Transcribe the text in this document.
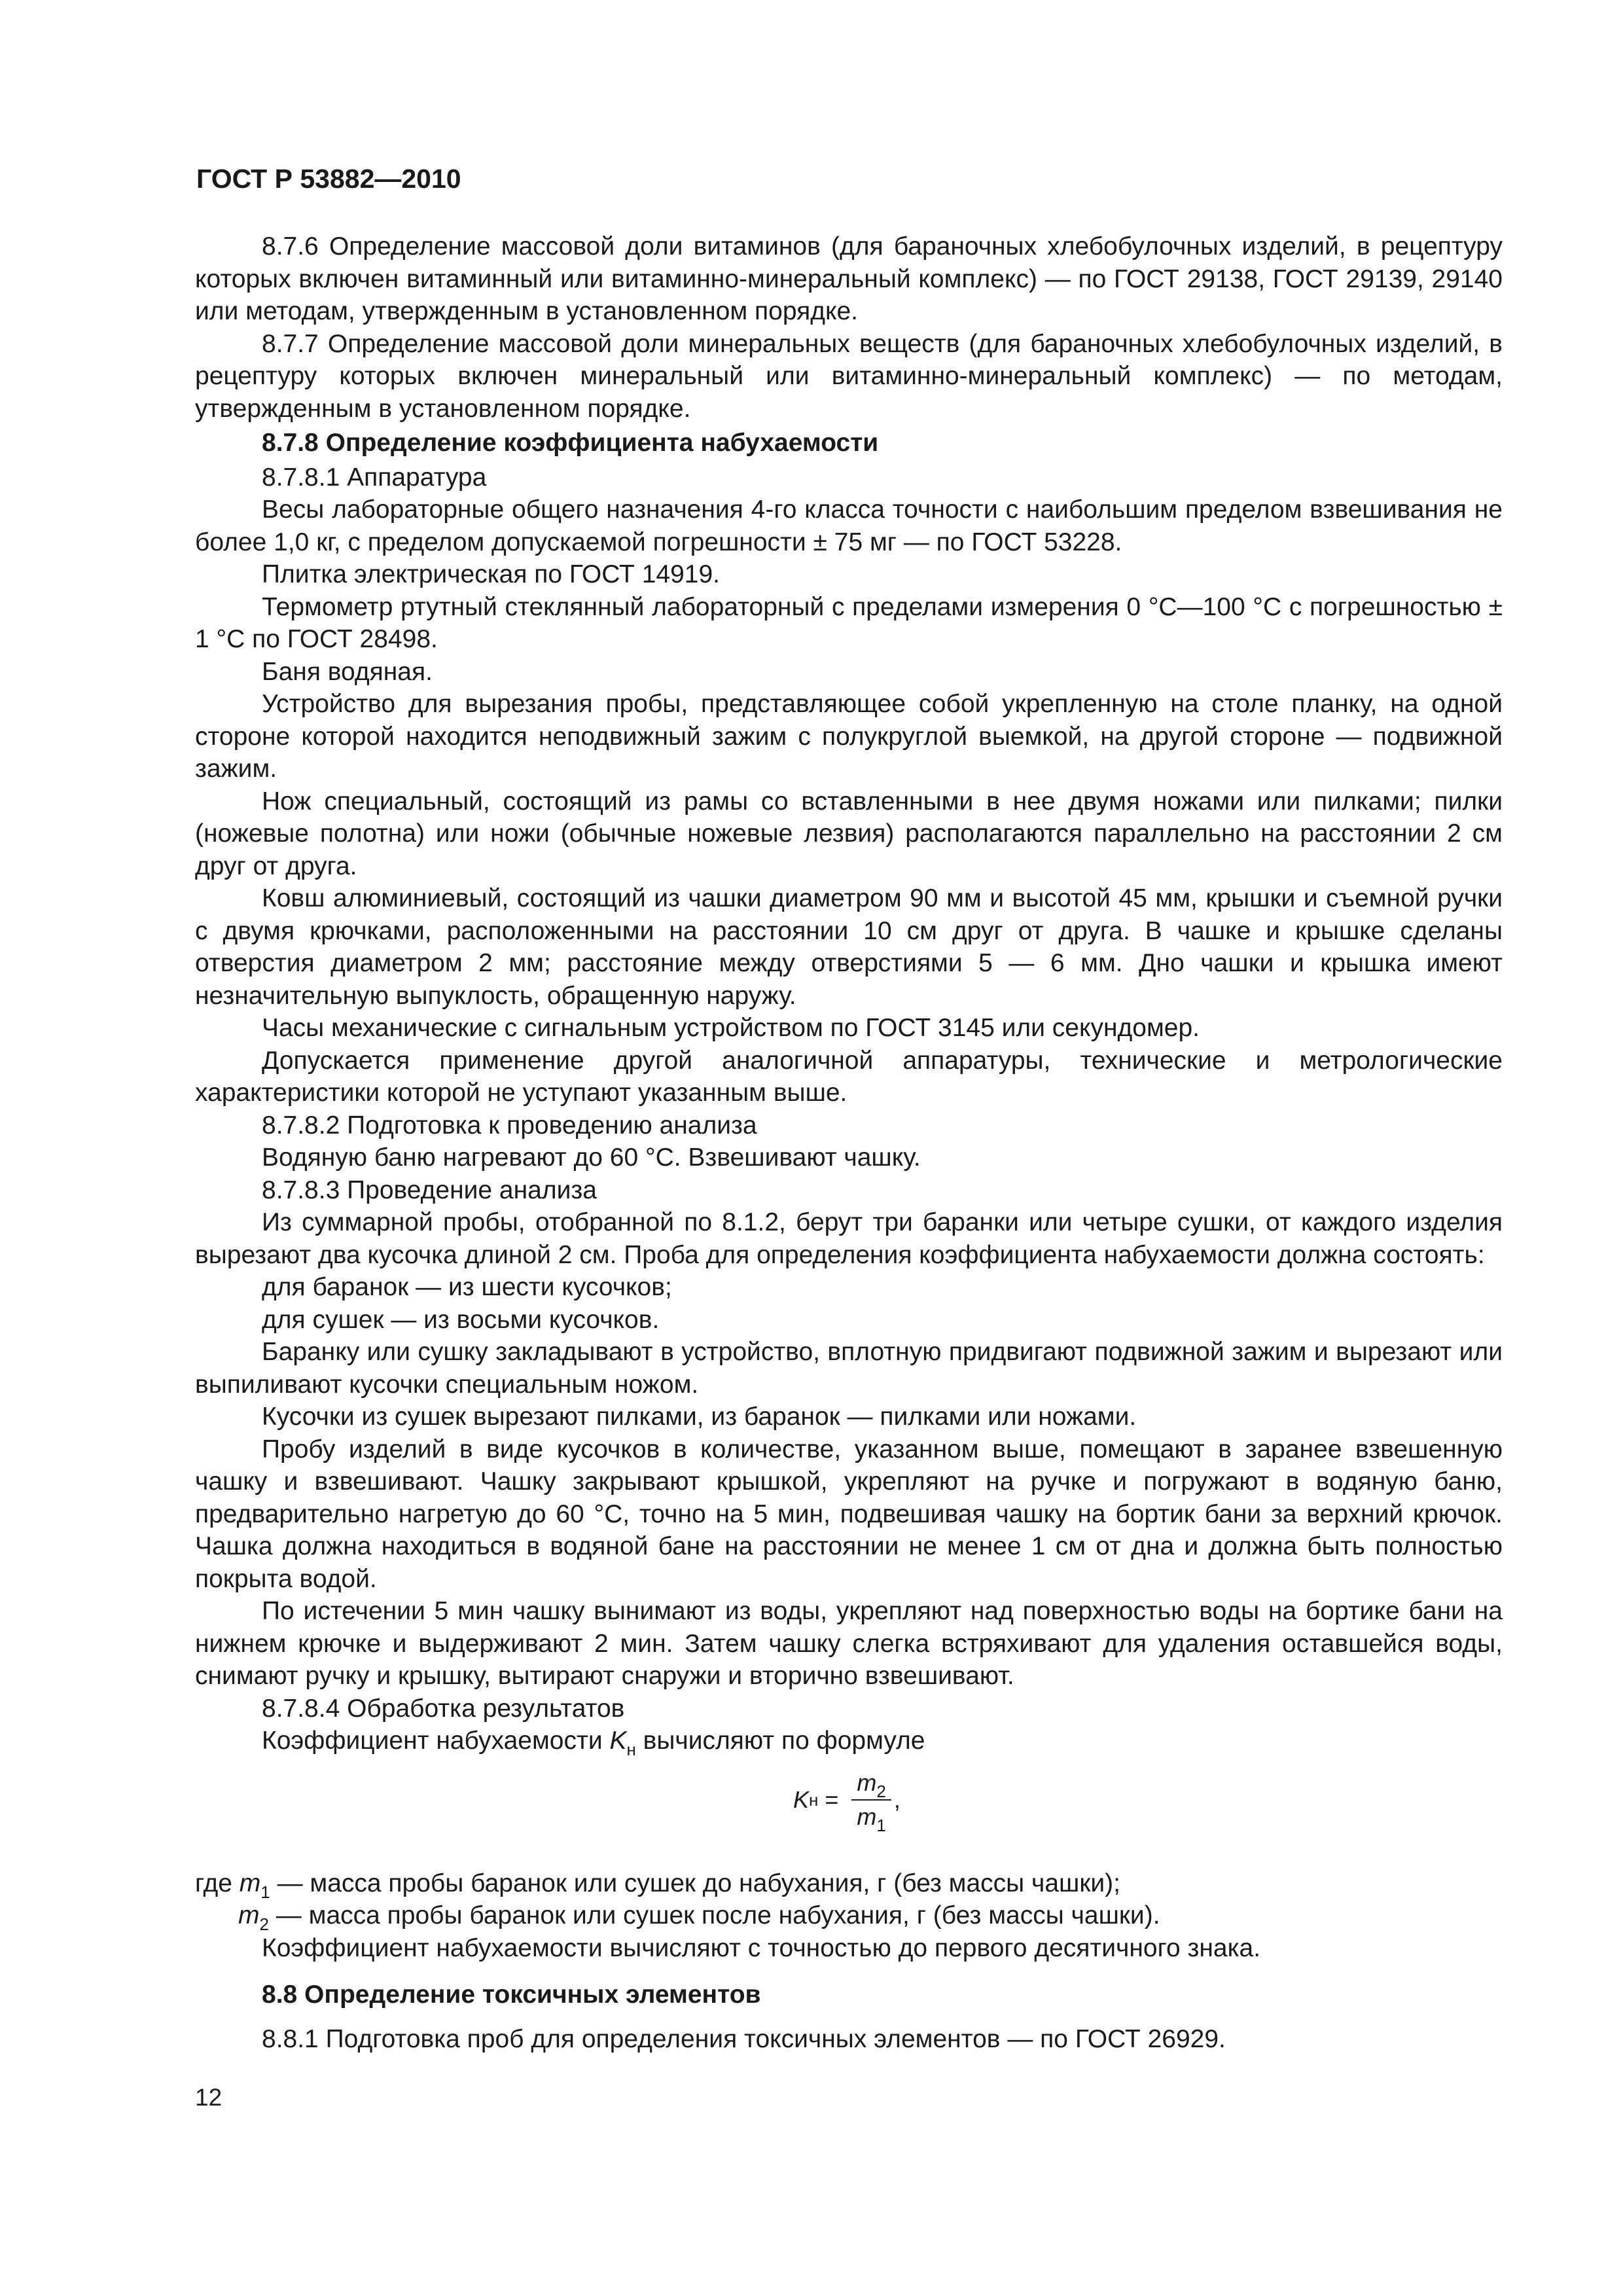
ГОСТ Р 53882—2010

8.7.6 Определение массовой доли витаминов (для бараночных хлебобулочных изделий, в рецептуру которых включен витаминный или витаминно-минеральный комплекс) — по ГОСТ 29138, ГОСТ 29139, 29140 или методам, утвержденным в установленном порядке.

8.7.7 Определение массовой доли минеральных веществ (для бараночных хлебобулочных изделий, в рецептуру которых включен минеральный или витаминно-минеральный комплекс) — по методам, утвержденным в установленном порядке.

8.7.8 Определение коэффициента набухаемости

8.7.8.1 Аппаратура

Весы лабораторные общего назначения 4-го класса точности с наибольшим пределом взвешивания не более 1,0 кг, с пределом допускаемой погрешности ± 75 мг — по ГОСТ 53228.

Плитка электрическая по ГОСТ 14919.

Термометр ртутный стеклянный лабораторный с пределами измерения 0 °С—100 °С с погрешностью ± 1 °С по ГОСТ 28498.

Баня водяная.

Устройство для вырезания пробы, представляющее собой укрепленную на столе планку, на одной стороне которой находится неподвижный зажим с полукруглой выемкой, на другой стороне — подвижной зажим.

Нож специальный, состоящий из рамы со вставленными в нее двумя ножами или пилками; пилки (ножевые полотна) или ножи (обычные ножевые лезвия) располагаются параллельно на расстоянии 2 см друг от друга.

Ковш алюминиевый, состоящий из чашки диаметром 90 мм и высотой 45 мм, крышки и съемной ручки с двумя крючками, расположенными на расстоянии 10 см друг от друга. В чашке и крышке сделаны отверстия диаметром 2 мм; расстояние между отверстиями 5 — 6 мм. Дно чашки и крышка имеют незначительную выпуклость, обращенную наружу.

Часы механические с сигнальным устройством по ГОСТ 3145 или секундомер.

Допускается применение другой аналогичной аппаратуры, технические и метрологические характеристики которой не уступают указанным выше.

8.7.8.2 Подготовка к проведению анализа

Водяную баню нагревают до 60 °С. Взвешивают чашку.

8.7.8.3 Проведение анализа

Из суммарной пробы, отобранной по 8.1.2, берут три баранки или четыре сушки, от каждого изделия вырезают два кусочка длиной 2 см. Проба для определения коэффициента набухаемости должна состоять:

для баранок — из шести кусочков;

для сушек — из восьми кусочков.

Баранку или сушку закладывают в устройство, вплотную придвигают подвижной зажим и вырезают или выпиливают кусочки специальным ножом.

Кусочки из сушек вырезают пилками, из баранок — пилками или ножами.

Пробу изделий в виде кусочков в количестве, указанном выше, помещают в заранее взвешенную чашку и взвешивают. Чашку закрывают крышкой, укрепляют на ручке и погружают в водяную баню, предварительно нагретую до 60 °С, точно на 5 мин, подвешивая чашку на бортик бани за верхний крючок. Чашка должна находиться в водяной бане на расстоянии не менее 1 см от дна и должна быть полностью покрыта водой.

По истечении 5 мин чашку вынимают из воды, укрепляют над поверхностью воды на бортике бани на нижнем крючке и выдерживают 2 мин. Затем чашку слегка встряхивают для удаления оставшейся воды, снимают ручку и крышку, вытирают снаружи и вторично взвешивают.

8.7.8.4 Обработка результатов

Коэффициент набухаемости $K_н$ вычисляют по формуле

K $н = \frac{m_2}{m_1}$ ,

где $m_1$ — масса пробы баранок или сушек до набухания, г (без массы чашки);

$m_2$ — масса пробы баранок или сушек после набухания, г (без массы чашки).

Коэффициент набухаемости вычисляют с точностью до первого десятичного знака.

8.8 Определение токсичных элементов

8.8.1 Подготовка проб для определения токсичных элементов — по ГОСТ 26929.

12
